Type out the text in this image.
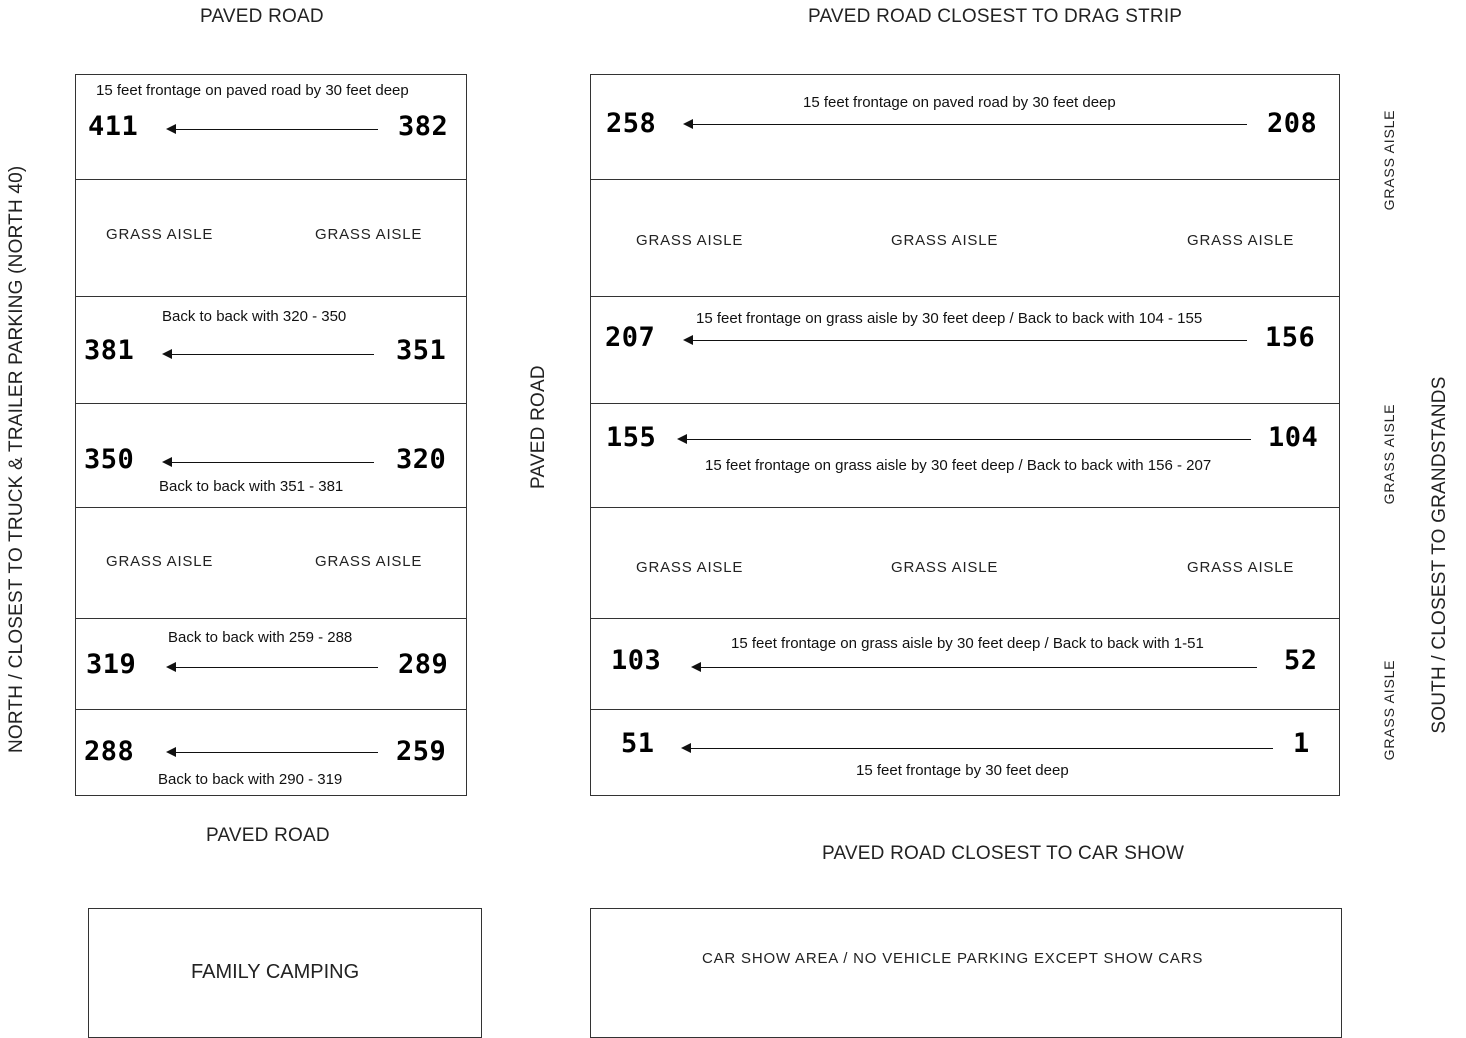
PAVED ROAD	PAVED ROAD CLOSEST TO DRAG STRIP
NORTH / CLOSEST TO TRUCK & TRAILER PARKING (NORTH 40)	PAVED ROAD	SOUTH / CLOSEST TO GRANDSTANDS
GRASS AISLE
GRASS AISLE
GRASS AISLE
15 feet frontage on paved road by 30 feet deep
411	382
GRASS AISLE	GRASS AISLE
Back to back with 320 - 350
381	351
350	320
Back to back with 351 - 381
GRASS AISLE	GRASS AISLE
Back to back with 259 - 288
319	289
288	259
Back to back with 290 - 319
15 feet frontage on paved road by 30 feet deep
258	208
GRASS AISLE	GRASS AISLE	GRASS AISLE
15 feet frontage on grass aisle by 30 feet deep / Back to back with 104 - 155
207	156
155	104
15 feet frontage on grass aisle by 30 feet deep / Back to back with 156 - 207
GRASS AISLE	GRASS AISLE	GRASS AISLE
15 feet frontage on grass aisle by 30 feet deep / Back to back with 1-51
103	52
51	1
15 feet frontage by 30 feet deep
PAVED ROAD
PAVED ROAD CLOSEST TO CAR SHOW
FAMILY CAMPING
CAR SHOW AREA / NO VEHICLE PARKING EXCEPT SHOW CARS
